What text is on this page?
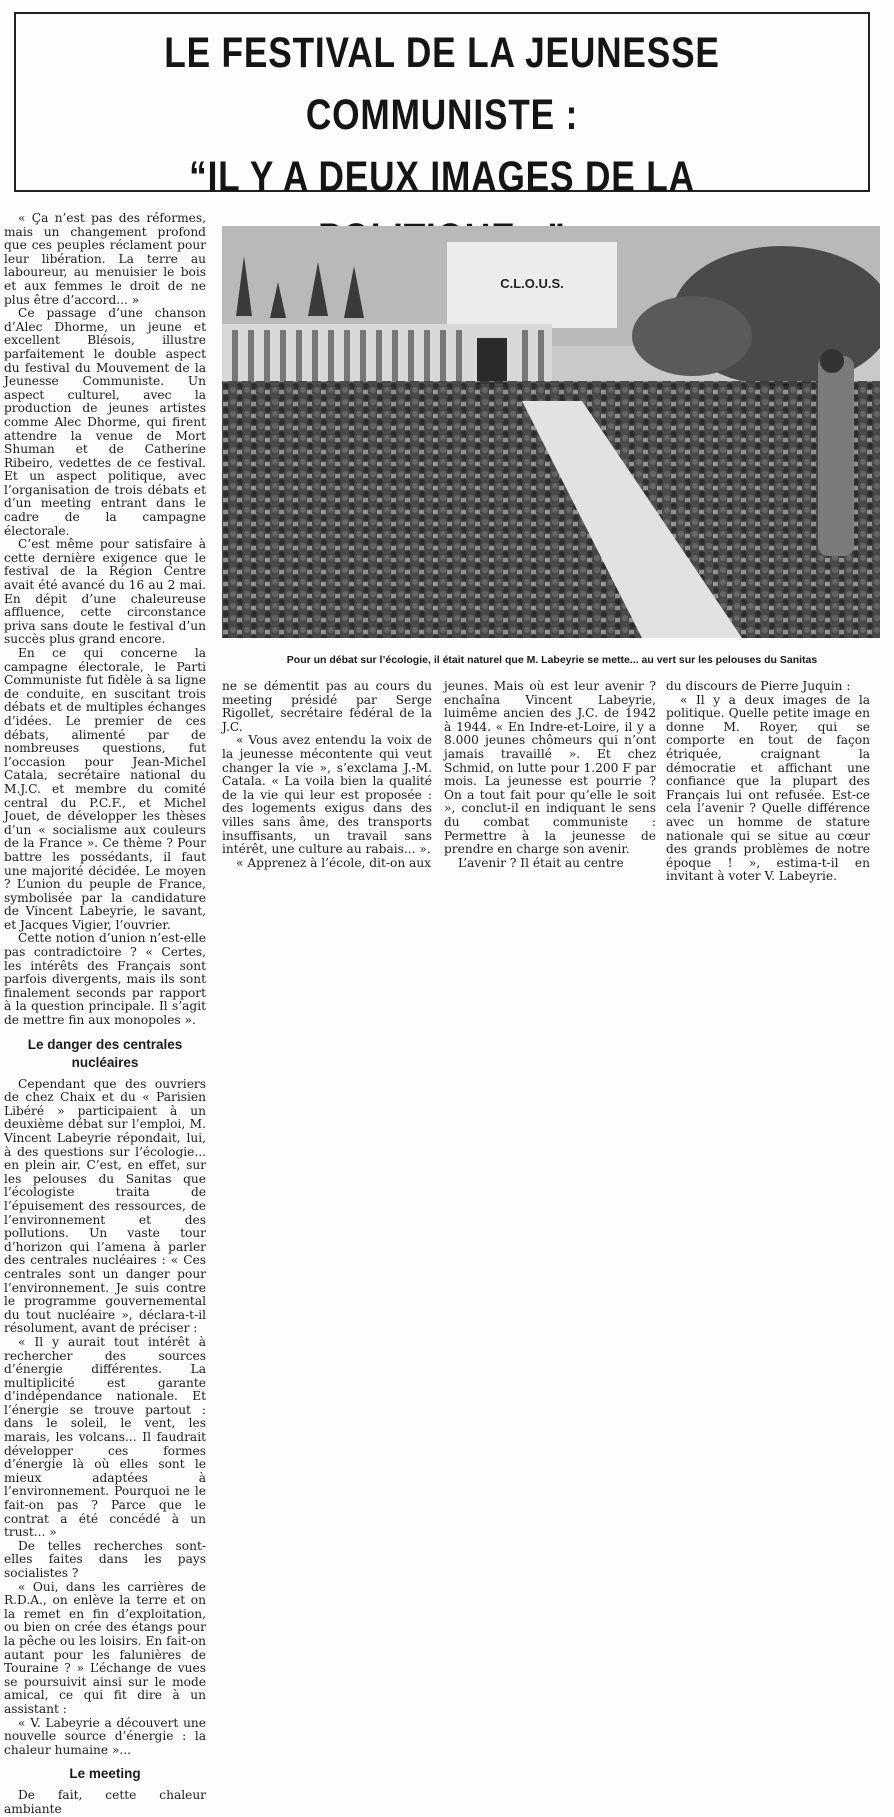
LE FESTIVAL DE LA JEUNESSE COMMUNISTE :
“IL Y A DEUX IMAGES DE LA
C.L.O.U.S.
Pour un débat sur l’écologie, il était naturel que M. Labeyrie se mette... au vert sur les pelouses du Sanitas

« Ça n’est pas des réformes, mais un changement profond que ces peuples réclament pour leur libération. La terre au laboureur, au menuisier le bois et aux femmes le droit de ne plus être d’accord... »

Ce passage d’une chanson d’Alec Dhorme, un jeune et excellent Blésois, illustre parfaitement le double aspect du festival du Mouvement de la Jeunesse Communiste. Un aspect culturel, avec la production de jeunes artistes comme Alec Dhorme, qui firent attendre la venue de Mort Shuman et de Catherine Ribeiro, vedettes de ce festival. Et un aspect politique, avec l’organisation de trois débats et d’un meeting entrant dans le cadre de la campagne électorale.

C’est même pour satisfaire à cette dernière exigence que le festival de la Région Centre avait été avancé du 16 au 2 mai. En dépit d’une chaleureuse affluence, cette circonstance priva sans doute le festival d’un succès plus grand encore.

En ce qui concerne la campagne électorale, le Parti Communiste fut fidèle à sa ligne de conduite, en suscitant trois débats et de multiples échanges d’idées. Le premier de ces débats, alimenté par de nombreuses questions, fut l’occasion pour Jean-Michel Catala, secrétaire national du M.J.C. et membre du comité central du P.C.F., et Michel Jouet, de développer les thèses d’un « socialisme aux couleurs de la France ». Ce thème ? Pour battre les possédants, il faut une majorité décidée. Le moyen ? L’union du peuple de France, symbolisée par la candidature de Vincent Labeyrie, le savant, et Jacques Vigier, l’ouvrier.

Cette notion d’union n’est-elle pas contradictoire ? « Certes, les intérêts des Français sont parfois divergents, mais ils sont finalement seconds par rapport à la question principale. Il s’agit de mettre fin aux monopoles ».

Le danger des centrales nucléaires

Cependant que des ouvriers de chez Chaix et du « Parisien Libéré » participaient à un deuxième débat sur l’emploi, M. Vincent Labeyrie répondait, lui, à des questions sur l’écologie... en plein air. C’est, en effet, sur les pelouses du Sanitas que l’écologiste traita de l’épuisement des ressources, de l’environnement et des pollutions. Un vaste tour d’horizon qui l’amena à parler des centrales nucléaires : « Ces centrales sont un danger pour l’environnement. Je suis contre le programme gouvernemental du tout nucléaire », déclara-t-il résolument, avant de préciser :

« Il y aurait tout intérêt à rechercher des sources d’énergie différentes. La multiplicité est garante d’indépendance nationale. Et l’énergie se trouve partout : dans le soleil, le vent, les marais, les volcans... Il faudrait développer ces formes d’énergie là où elles sont le mieux adaptées à l’environnement. Pourquoi ne le fait-on pas ? Parce que le contrat a été concédé à un trust... »

De telles recherches sont-elles faites dans les pays socialistes ?

« Oui, dans les carrières de R.D.A., on enlève la terre et on la remet en fin d’exploitation, ou bien on crée des étangs pour la pêche ou les loisirs. En fait-on autant pour les falunières de Touraine ? » L’échange de vues se poursuivit ainsi sur le mode amical, ce qui fit dire à un assistant :

« V. Labeyrie a découvert une nouvelle source d’énergie : la chaleur humaine »...

Le meeting

De fait, cette chaleur ambiante

ne se démentit pas au cours du meeting présidé par Serge Rigollet, secrétaire fédéral de la J.C.

« Vous avez entendu la voix de la jeunesse mécontente qui veut changer la vie », s’exclama J.-M. Catala. « La voila bien la qualité de la vie qui leur est proposée : des logements exigus dans des villes sans âme, des transports insuffisants, un travail sans intérêt, une culture au rabais... ».

« Apprenez à l’école, dit-on aux

jeunes. Mais où est leur avenir ? enchaîna Vincent Labeyrie, luimême ancien des J.C. de 1942 à 1944. « En Indre-et-Loire, il y a 8.000 jeunes chômeurs qui n’ont jamais travaillé ». Et chez Schmid, on lutte pour 1.200 F par mois. La jeunesse est pourrie ? On a tout fait pour qu’elle le soit », conclut-il en indiquant le sens du combat communiste : Permettre à la jeunesse de prendre en charge son avenir.

L’avenir ? Il était au centre

du discours de Pierre Juquin :

« Il y a deux images de la politique. Quelle petite image en donne M. Royer, qui se comporte en tout de façon étriquée, craignant la démocratie et affichant une confiance que la plupart des Français lui ont refusée. Est-ce cela l’avenir ? Quelle différence avec un homme de stature nationale qui se situe au cœur des grands problèmes de notre époque ! », estima-t-il en invitant à voter V. Labeyrie.
